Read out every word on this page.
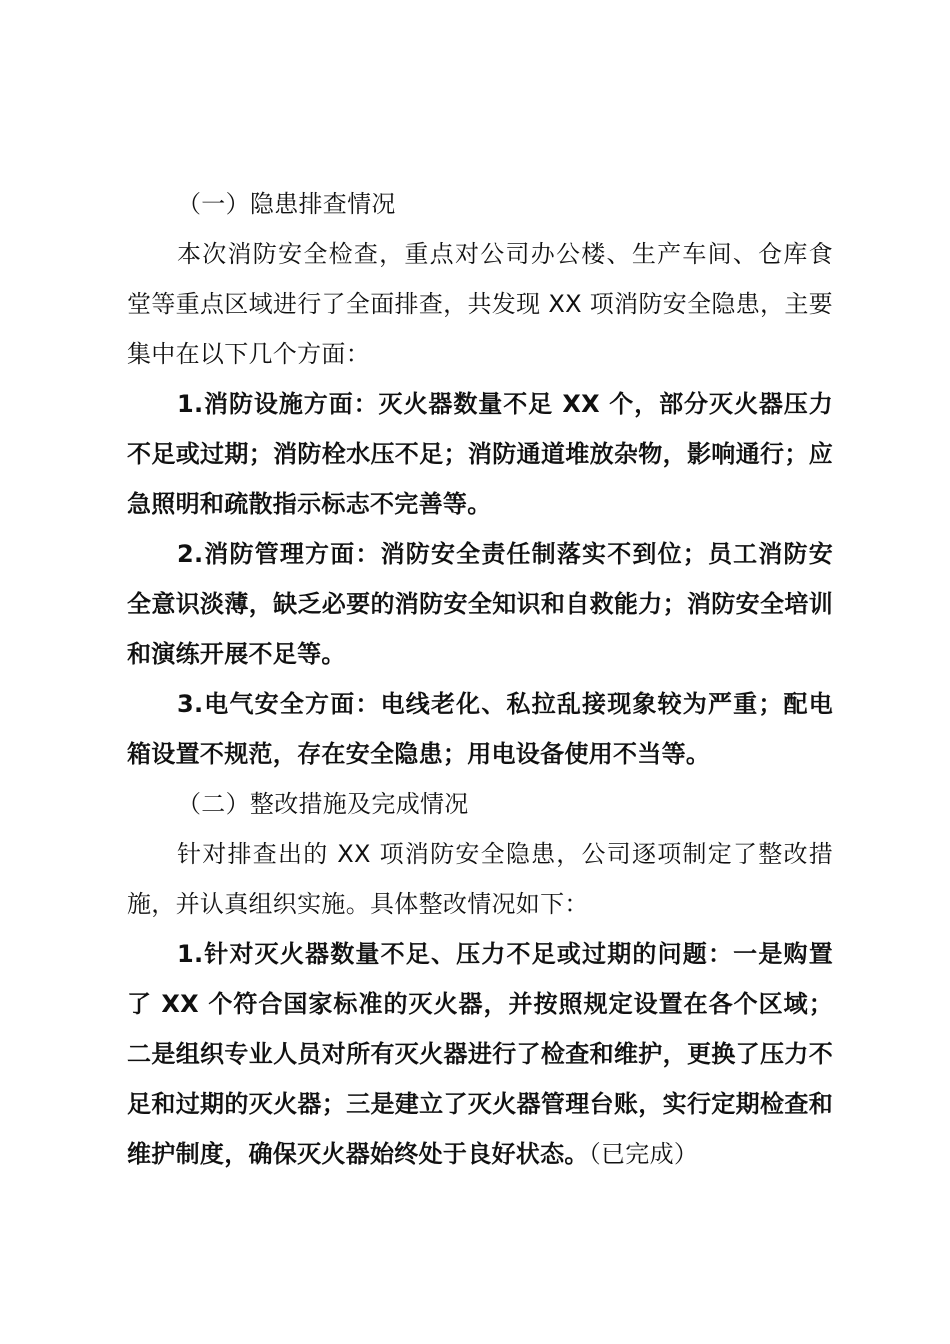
（一）隐患排查情况

本次消防安全检查，重点对公司办公楼、生产车间、仓库食堂等重点区域进行了全面排查，共发现 XX 项消防安全隐患，主要集中在以下几个方面：

1.消防设施方面：灭火器数量不足 XX 个，部分灭火器压力不足或过期；消防栓水压不足；消防通道堆放杂物，影响通行；应急照明和疏散指示标志不完善等。

2.消防管理方面：消防安全责任制落实不到位；员工消防安全意识淡薄，缺乏必要的消防安全知识和自救能力；消防安全培训和演练开展不足等。

3.电气安全方面：电线老化、私拉乱接现象较为严重；配电箱设置不规范，存在安全隐患；用电设备使用不当等。

（二）整改措施及完成情况

针对排查出的 XX 项消防安全隐患，公司逐项制定了整改措施，并认真组织实施。具体整改情况如下：

1.针对灭火器数量不足、压力不足或过期的问题：一是购置了 XX 个符合国家标准的灭火器，并按照规定设置在各个区域；二是组织专业人员对所有灭火器进行了检查和维护，更换了压力不足和过期的灭火器；三是建立了灭火器管理台账，实行定期检查和维护制度，确保灭火器始终处于良好状态。（已完成）
